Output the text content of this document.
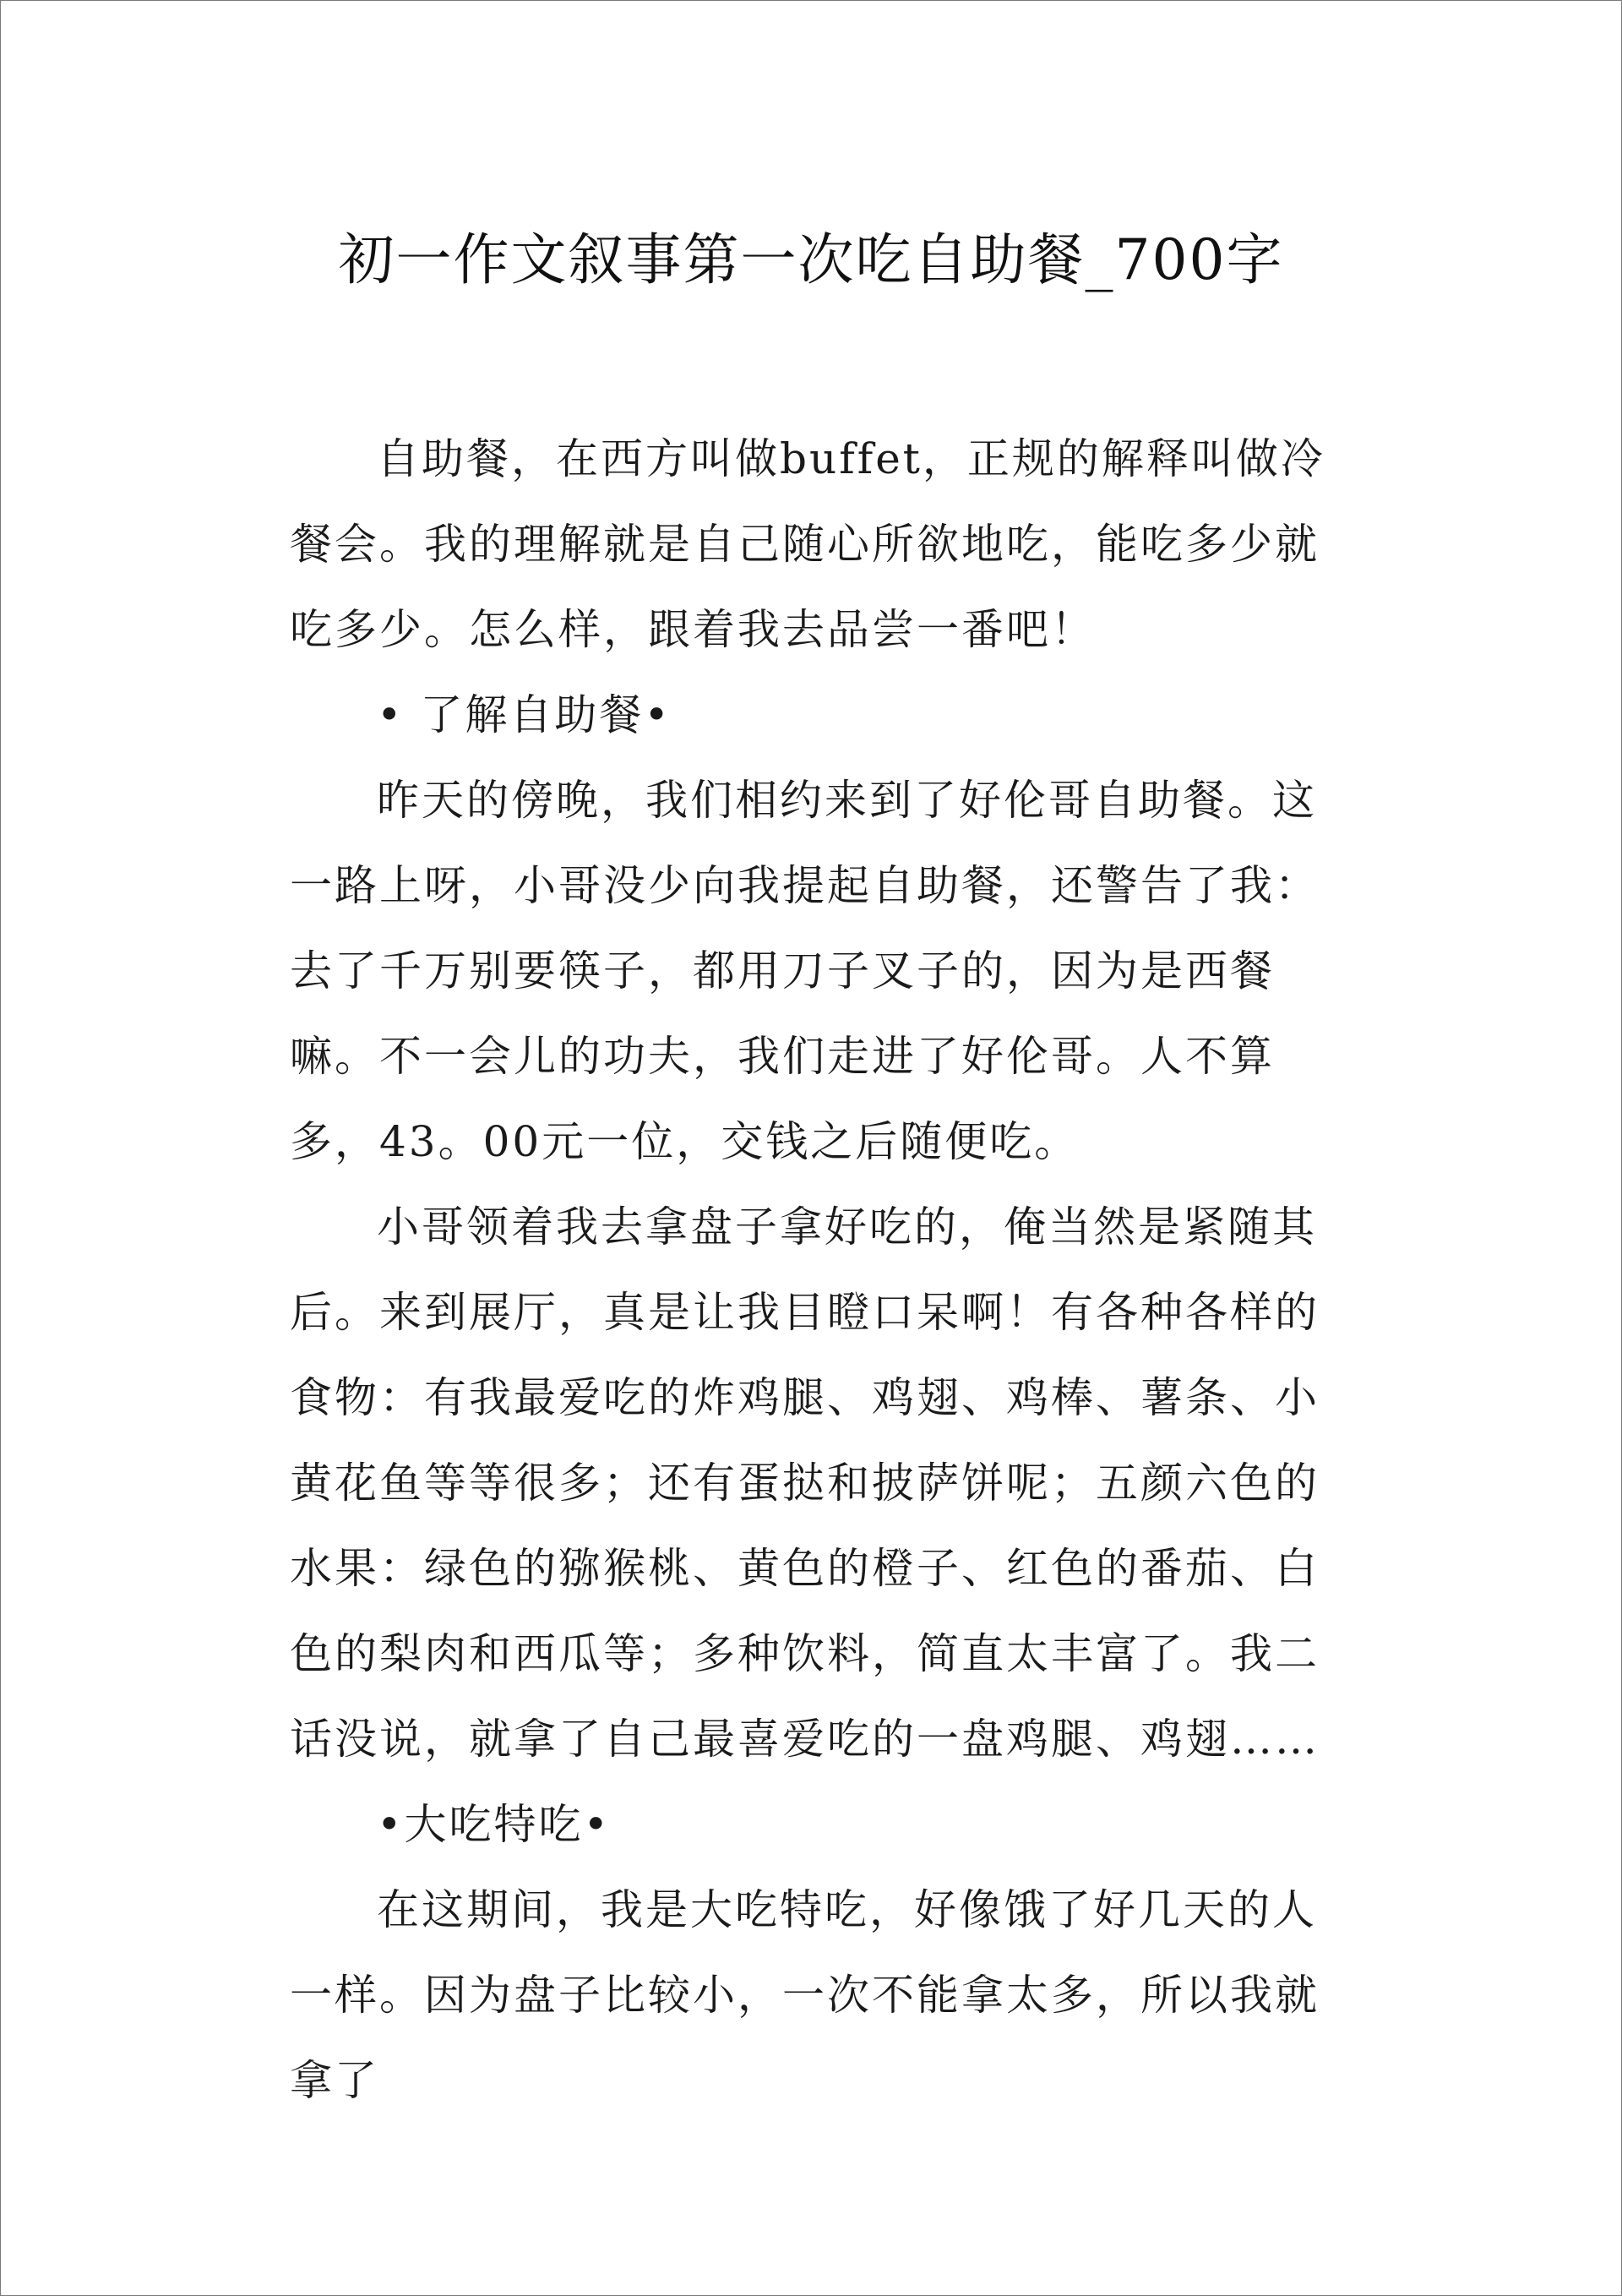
初一作文叙事第一次吃自助餐_700字

自助餐，在西方叫做buffet，正规的解释叫做冷餐会。我的理解就是自己随心所欲地吃，能吃多少就吃多少。怎么样，跟着我去品尝一番吧！

• 了解自助餐•

昨天的傍晚，我们相约来到了好伦哥自助餐。这一路上呀，小哥没少向我提起自助餐，还警告了我：去了千万别要筷子，都用刀子叉子的，因为是西餐嘛。不一会儿的功夫，我们走进了好伦哥。人不算多，43。00元一位，交钱之后随便吃。

小哥领着我去拿盘子拿好吃的，俺当然是紧随其后。来到展厅，真是让我目瞪口呆啊！有各种各样的食物：有我最爱吃的炸鸡腿、鸡翅、鸡棒、薯条、小黄花鱼等等很多；还有蛋挞和披萨饼呢；五颜六色的水果：绿色的猕猴桃、黄色的橙子、红色的番茄、白色的梨肉和西瓜等；多种饮料，简直太丰富了。我二话没说，就拿了自己最喜爱吃的一盘鸡腿、鸡翅……

•大吃特吃•

在这期间，我是大吃特吃，好像饿了好几天的人一样。因为盘子比较小，一次不能拿太多，所以我就拿了
